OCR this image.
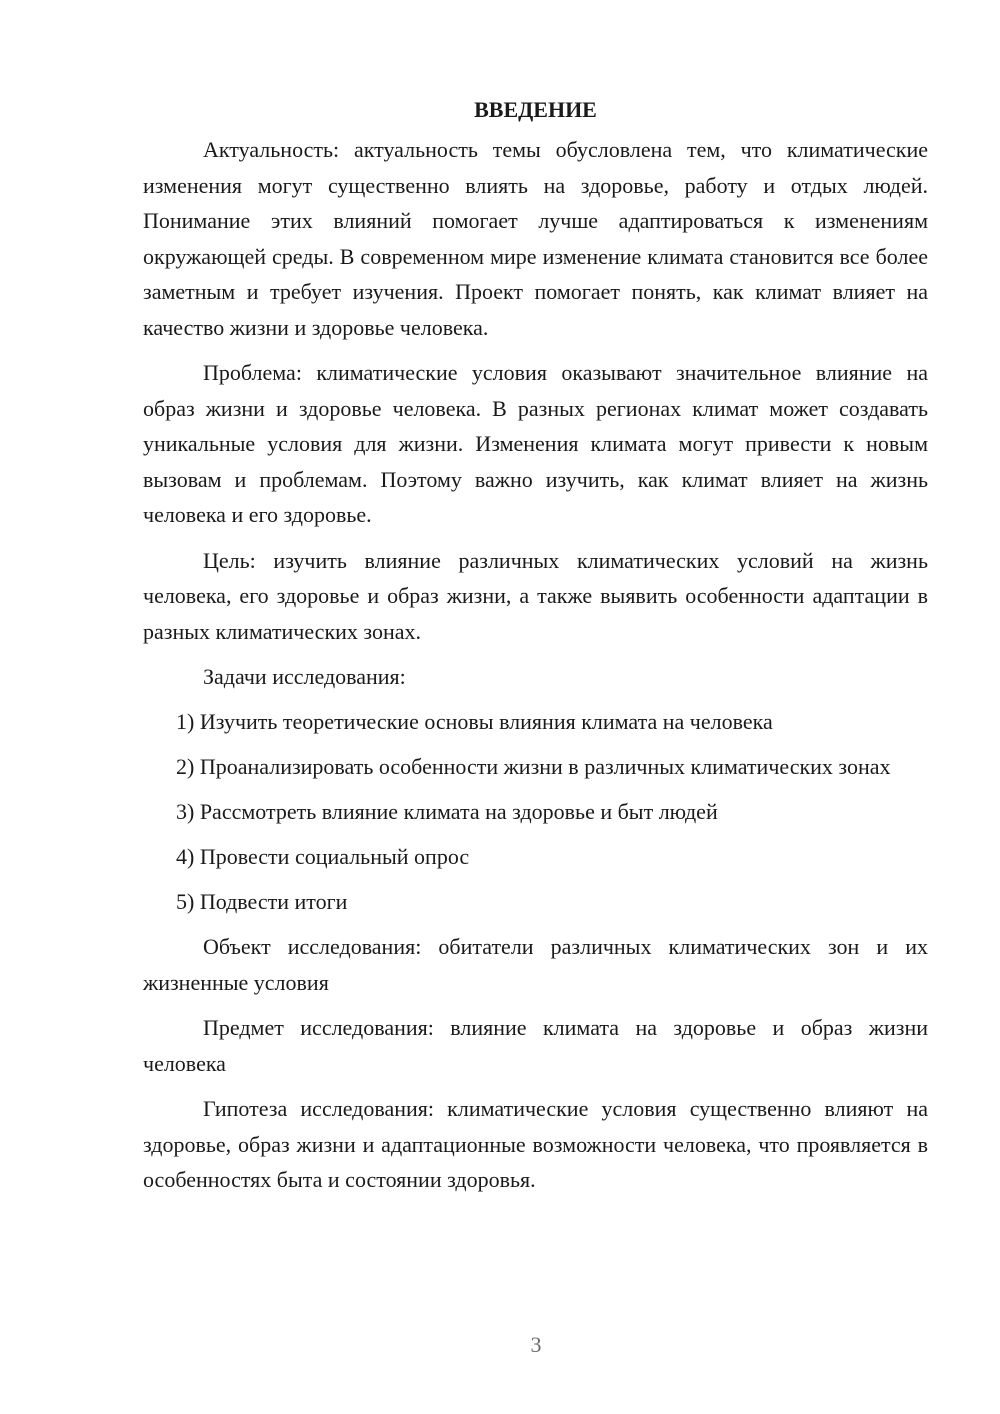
ВВЕДЕНИЕ

Актуальность: актуальность темы обусловлена тем, что климатические изменения могут существенно влиять на здоровье, работу и отдых людей. Понимание этих влияний помогает лучше адаптироваться к изменениям окружающей среды. В современном мире изменение климата становится все более заметным и требует изучения. Проект помогает понять, как климат влияет на качество жизни и здоровье человека.

Проблема: климатические условия оказывают значительное влияние на образ жизни и здоровье человека. В разных регионах климат может создавать уникальные условия для жизни. Изменения климата могут привести к новым вызовам и проблемам. Поэтому важно изучить, как климат влияет на жизнь человека и его здоровье.

Цель: изучить влияние различных климатических условий на жизнь человека, его здоровье и образ жизни, а также выявить особенности адаптации в разных климатических зонах.

Задачи исследования:

1) Изучить теоретические основы влияния климата на человека

2) Проанализировать особенности жизни в различных климатических зонах

3) Рассмотреть влияние климата на здоровье и быт людей

4) Провести социальный опрос

5) Подвести итоги

Объект исследования: обитатели различных климатических зон и их жизненные условия

Предмет исследования: влияние климата на здоровье и образ жизни человека

Гипотеза исследования: климатические условия существенно влияют на здоровье, образ жизни и адаптационные возможности человека, что проявляется в особенностях быта и состоянии здоровья.

3
